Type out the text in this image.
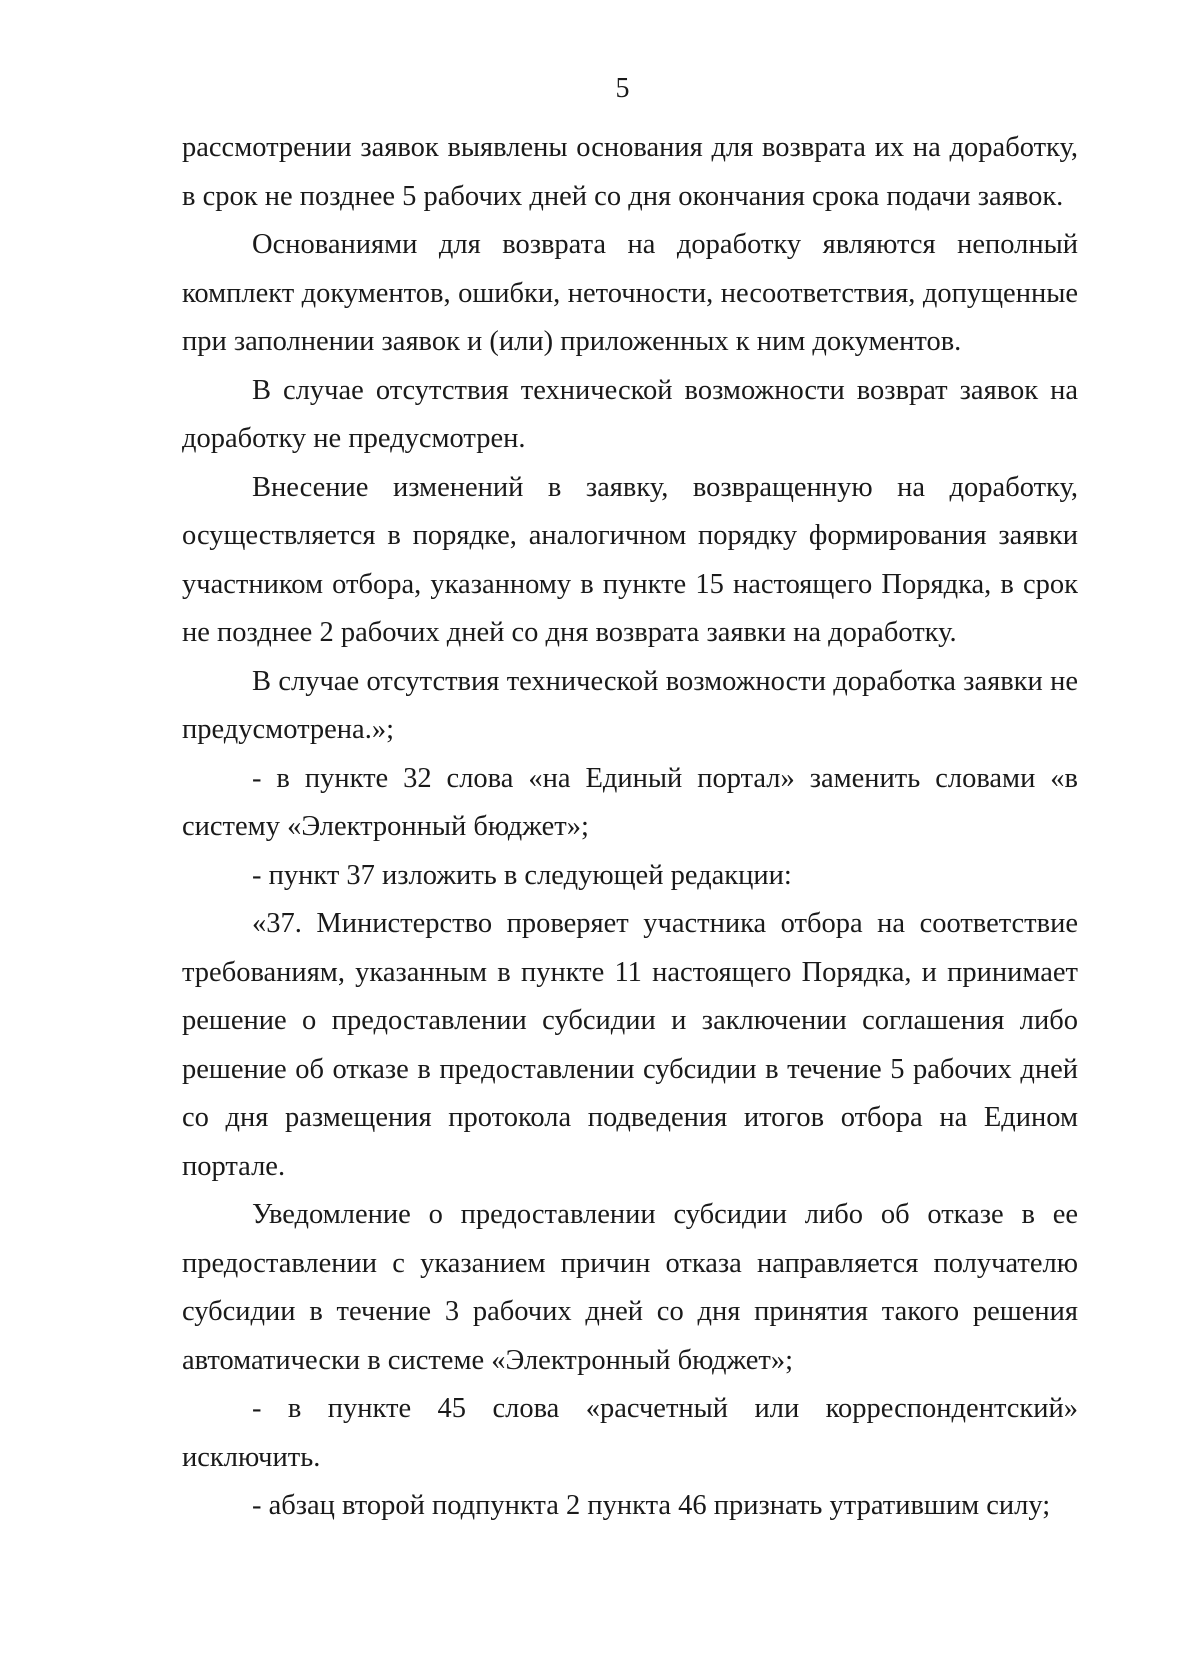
5

рассмотрении заявок выявлены основания для возврата их на доработку, в срок не позднее 5 рабочих дней со дня окончания срока подачи заявок.

Основаниями для возврата на доработку являются неполный комплект документов, ошибки, неточности, несоответствия, допущенные при заполнении заявок и (или) приложенных к ним документов.

В случае отсутствия технической возможности возврат заявок на доработку не предусмотрен.

Внесение изменений в заявку, возвращенную на доработку, осуществляется в порядке, аналогичном порядку формирования заявки участником отбора, указанному в пункте 15 настоящего Порядка, в срок не позднее 2 рабочих дней со дня возврата заявки на доработку.

В случае отсутствия технической возможности доработка заявки не предусмотрена.»;

- в пункте 32 слова «на Единый портал» заменить словами «в систему «Электронный бюджет»;

- пункт 37 изложить в следующей редакции:

«37. Министерство проверяет участника отбора на соответствие требованиям, указанным в пункте 11 настоящего Порядка, и принимает решение о предоставлении субсидии и заключении соглашения либо решение об отказе в предоставлении субсидии в течение 5 рабочих дней со дня размещения протокола подведения итогов отбора на Едином портале.

Уведомление о предоставлении субсидии либо об отказе в ее предоставлении с указанием причин отказа направляется получателю субсидии в течение 3 рабочих дней со дня принятия такого решения автоматически в системе «Электронный бюджет»;

- в пункте 45 слова «расчетный или корреспондентский» исключить.

- абзац второй подпункта 2 пункта 46 признать утратившим силу;
